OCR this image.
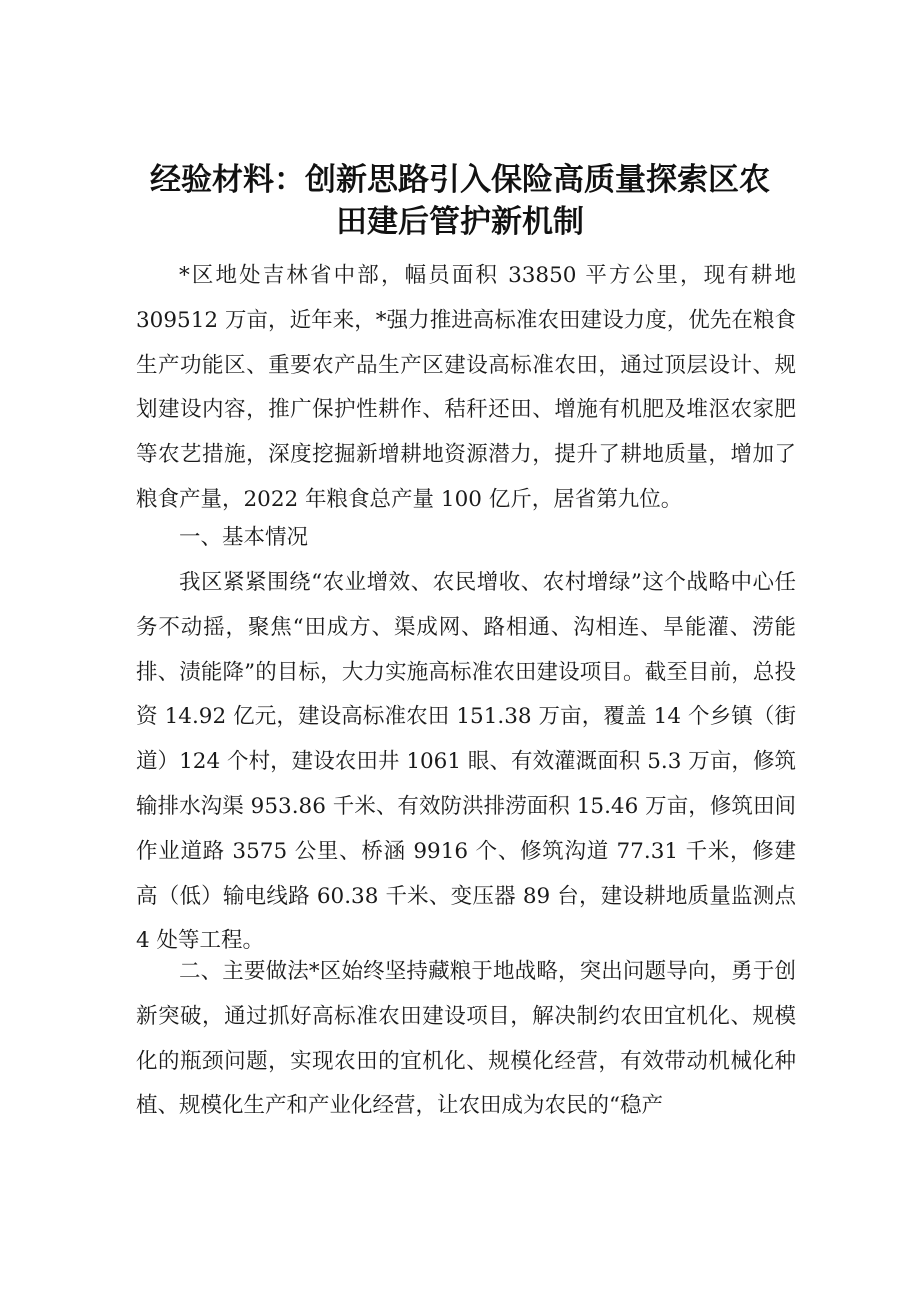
经验材料：创新思路引入保险高质量探索区农
田建后管护新机制

*区地处吉林省中部，幅员面积 33850 平方公里，现有耕地 309512 万亩，近年来，*强力推进高标准农田建设力度，优先在粮食生产功能区、重要农产品生产区建设高标准农田，通过顶层设计、规划建设内容，推广保护性耕作、秸秆还田、增施有机肥及堆沤农家肥等农艺措施，深度挖掘新增耕地资源潜力，提升了耕地质量，增加了粮食产量，2022 年粮食总产量 100 亿斤，居省第九位。

一、基本情况

我区紧紧围绕“农业增效、农民增收、农村增绿”这个战略中心任务不动摇，聚焦“田成方、渠成网、路相通、沟相连、旱能灌、涝能排、渍能降”的目标，大力实施高标准农田建设项目。截至目前，总投资 14.92 亿元，建设高标准农田 151.38 万亩，覆盖 14 个乡镇（街道）124 个村，建设农田井 1061 眼、有效灌溉面积 5.3 万亩，修筑输排水沟渠 953.86 千米、有效防洪排涝面积 15.46 万亩，修筑田间作业道路 3575 公里、桥涵 9916 个、修筑沟道 77.31 千米，修建高（低）输电线路 60.38 千米、变压器 89 台，建设耕地质量监测点 4 处等工程。

二、主要做法*区始终坚持藏粮于地战略，突出问题导向，勇于创新突破，通过抓好高标准农田建设项目，解决制约农田宜机化、规模化的瓶颈问题，实现农田的宜机化、规模化经营，有效带动机械化种植、规模化生产和产业化经营，让农田成为农民的“稳产
